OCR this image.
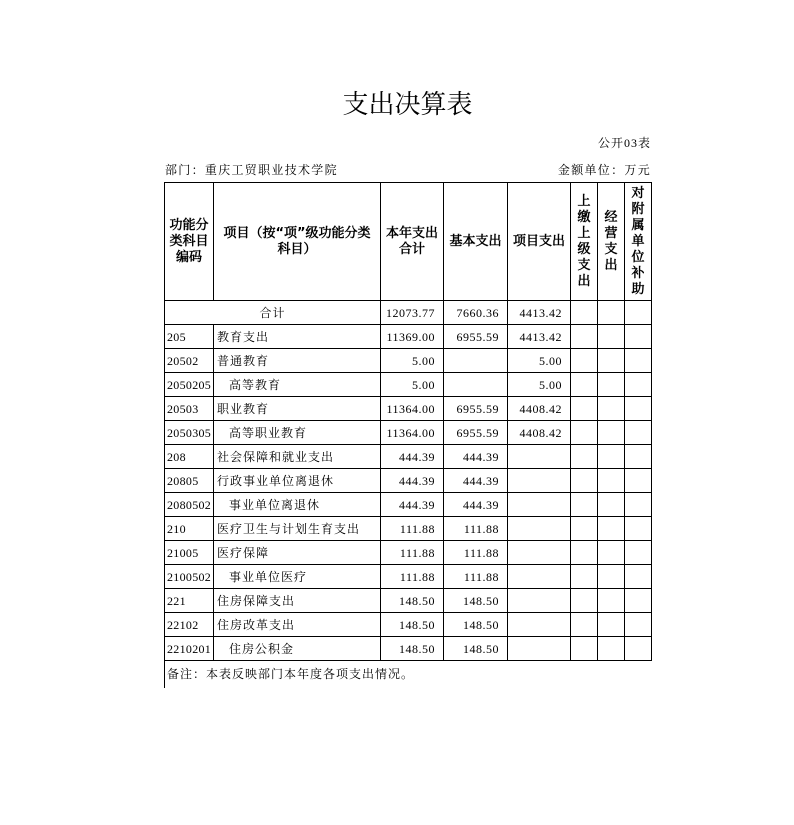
支出决算表
公开03表
部门：重庆工贸职业技术学院	金额单位：万元
功能分类科目编码	项目（按“项”级功能分类科目）	本年支出合计	基本支出	项目支出	上缴上级支出	经营支出	对附属单位补助
合计		12073.77	7660.36	4413.42			
205	教育支出	11369.00	6955.59	4413.42			
20502	普通教育	5.00		5.00			
2050205	高等教育	5.00		5.00			
20503	职业教育	11364.00	6955.59	4408.42			
2050305	高等职业教育	11364.00	6955.59	4408.42			
208	社会保障和就业支出	444.39	444.39				
20805	行政事业单位离退休	444.39	444.39				
2080502	事业单位离退休	444.39	444.39				
210	医疗卫生与计划生育支出	111.88	111.88				
21005	医疗保障	111.88	111.88				
2100502	事业单位医疗	111.88	111.88				
221	住房保障支出	148.50	148.50				
22102	住房改革支出	148.50	148.50				
2210201	住房公积金	148.50	148.50				
备注：本表反映部门本年度各项支出情况。
